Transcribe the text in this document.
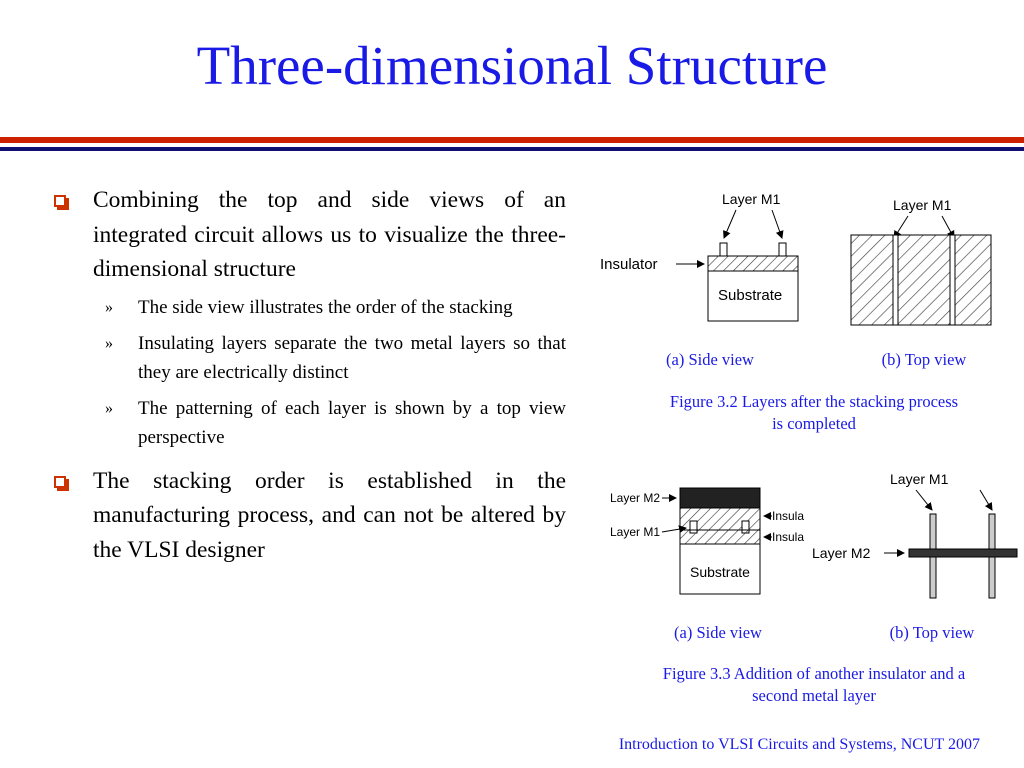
Three-dimensional Structure
Combining the top and side views of an integrated circuit allows us to visualize the three-dimensional structure
» The side view illustrates the order of the stacking
» Insulating layers separate the two metal layers so that they are electrically distinct
» The patterning of each layer is shown by a top view perspective
The stacking order is established in the manufacturing process, and can not be altered by the VLSI designer
Layer M1
Substrate
Insulator
Layer M1
(a) Side view	(b) Top view
Figure 3.2 Layers after the stacking process is completed
Substrate
Layer M2
Layer M1
Insula
Insula
Layer M1
Layer M2
(a) Side view	(b) Top view
Figure 3.3 Addition of another insulator and a second metal layer
Introduction to VLSI Circuits and Systems, NCUT 2007
